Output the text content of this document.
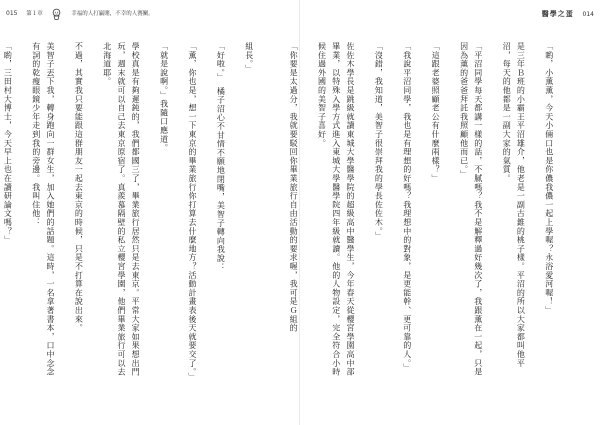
015 第１章	幸福的人打贏賭，不幸的人賽關。

組長。」

「好啦。」　橘子沼心不甘情不願地閉嘴，美智子轉向我說：

「薰，你也是，想一下東京的畢業旅行你打算去什麼地方？活動計畫表後天就要交了。」

「就是說啊。」我隨口應道。

學校真是有夠遲鈍的，我們都國三了，畢業旅行居然只是去東京。平常大家如果想出門玩，週末就可以自己去東京原宿了。真羨慕隔壁的私立櫻宮學園，他們畢業旅行可以去北海道耶。

不過，其實我只要能跟這群朋友一起去東京的時候，只是不打算在說出來。

美智子丟下我，轉身跑向一群女生，加入她們的話題。這時，一名拿著書本，口中念念有詞的乾瘦眼鏡少年走到我的旁邊。我叫住他：

「喲，三田村大博士，今天早上也在讀研論文嗎？」

醫學之蛋 014

「喲，小薰薰，今天小倆口也是你儂我儂一起上學喔？永浴愛河喔！」

是三年Ｂ班的小霸王平沼雄介，他老是一副古錐的桃子樣。平沼的所以大家都叫他平沼，每天的他都是一副大家的氣質。

「平沼同學每天都講一樣的話，不膩嗎？我不是解釋過好幾次了，我跟薰在一起，只是因為薰的爸爸拜託我照顧他而已。」

「這跟老婆照顧老公有什麼兩樣？」

「我說平沼同學，我也是有理想的好嗎？我理想中的對象，是更能幹、更可靠的人。」

「沒錯，我知道，美智子很崇拜我的學長佐佐木。」

佐佐木學長是跳級就讀東城大學醫學院的超級高中醫學生，今年春天從櫻宮學園高中部畢業，以特殊入學方式進入東城大學醫學院四年級就讀。他的人物設定，完全符合小時候住過外國的美智子喜好。

「你要是太過分，我就要駁回你畢業旅行自由活動的要求喔，我可是Ｇ組的
